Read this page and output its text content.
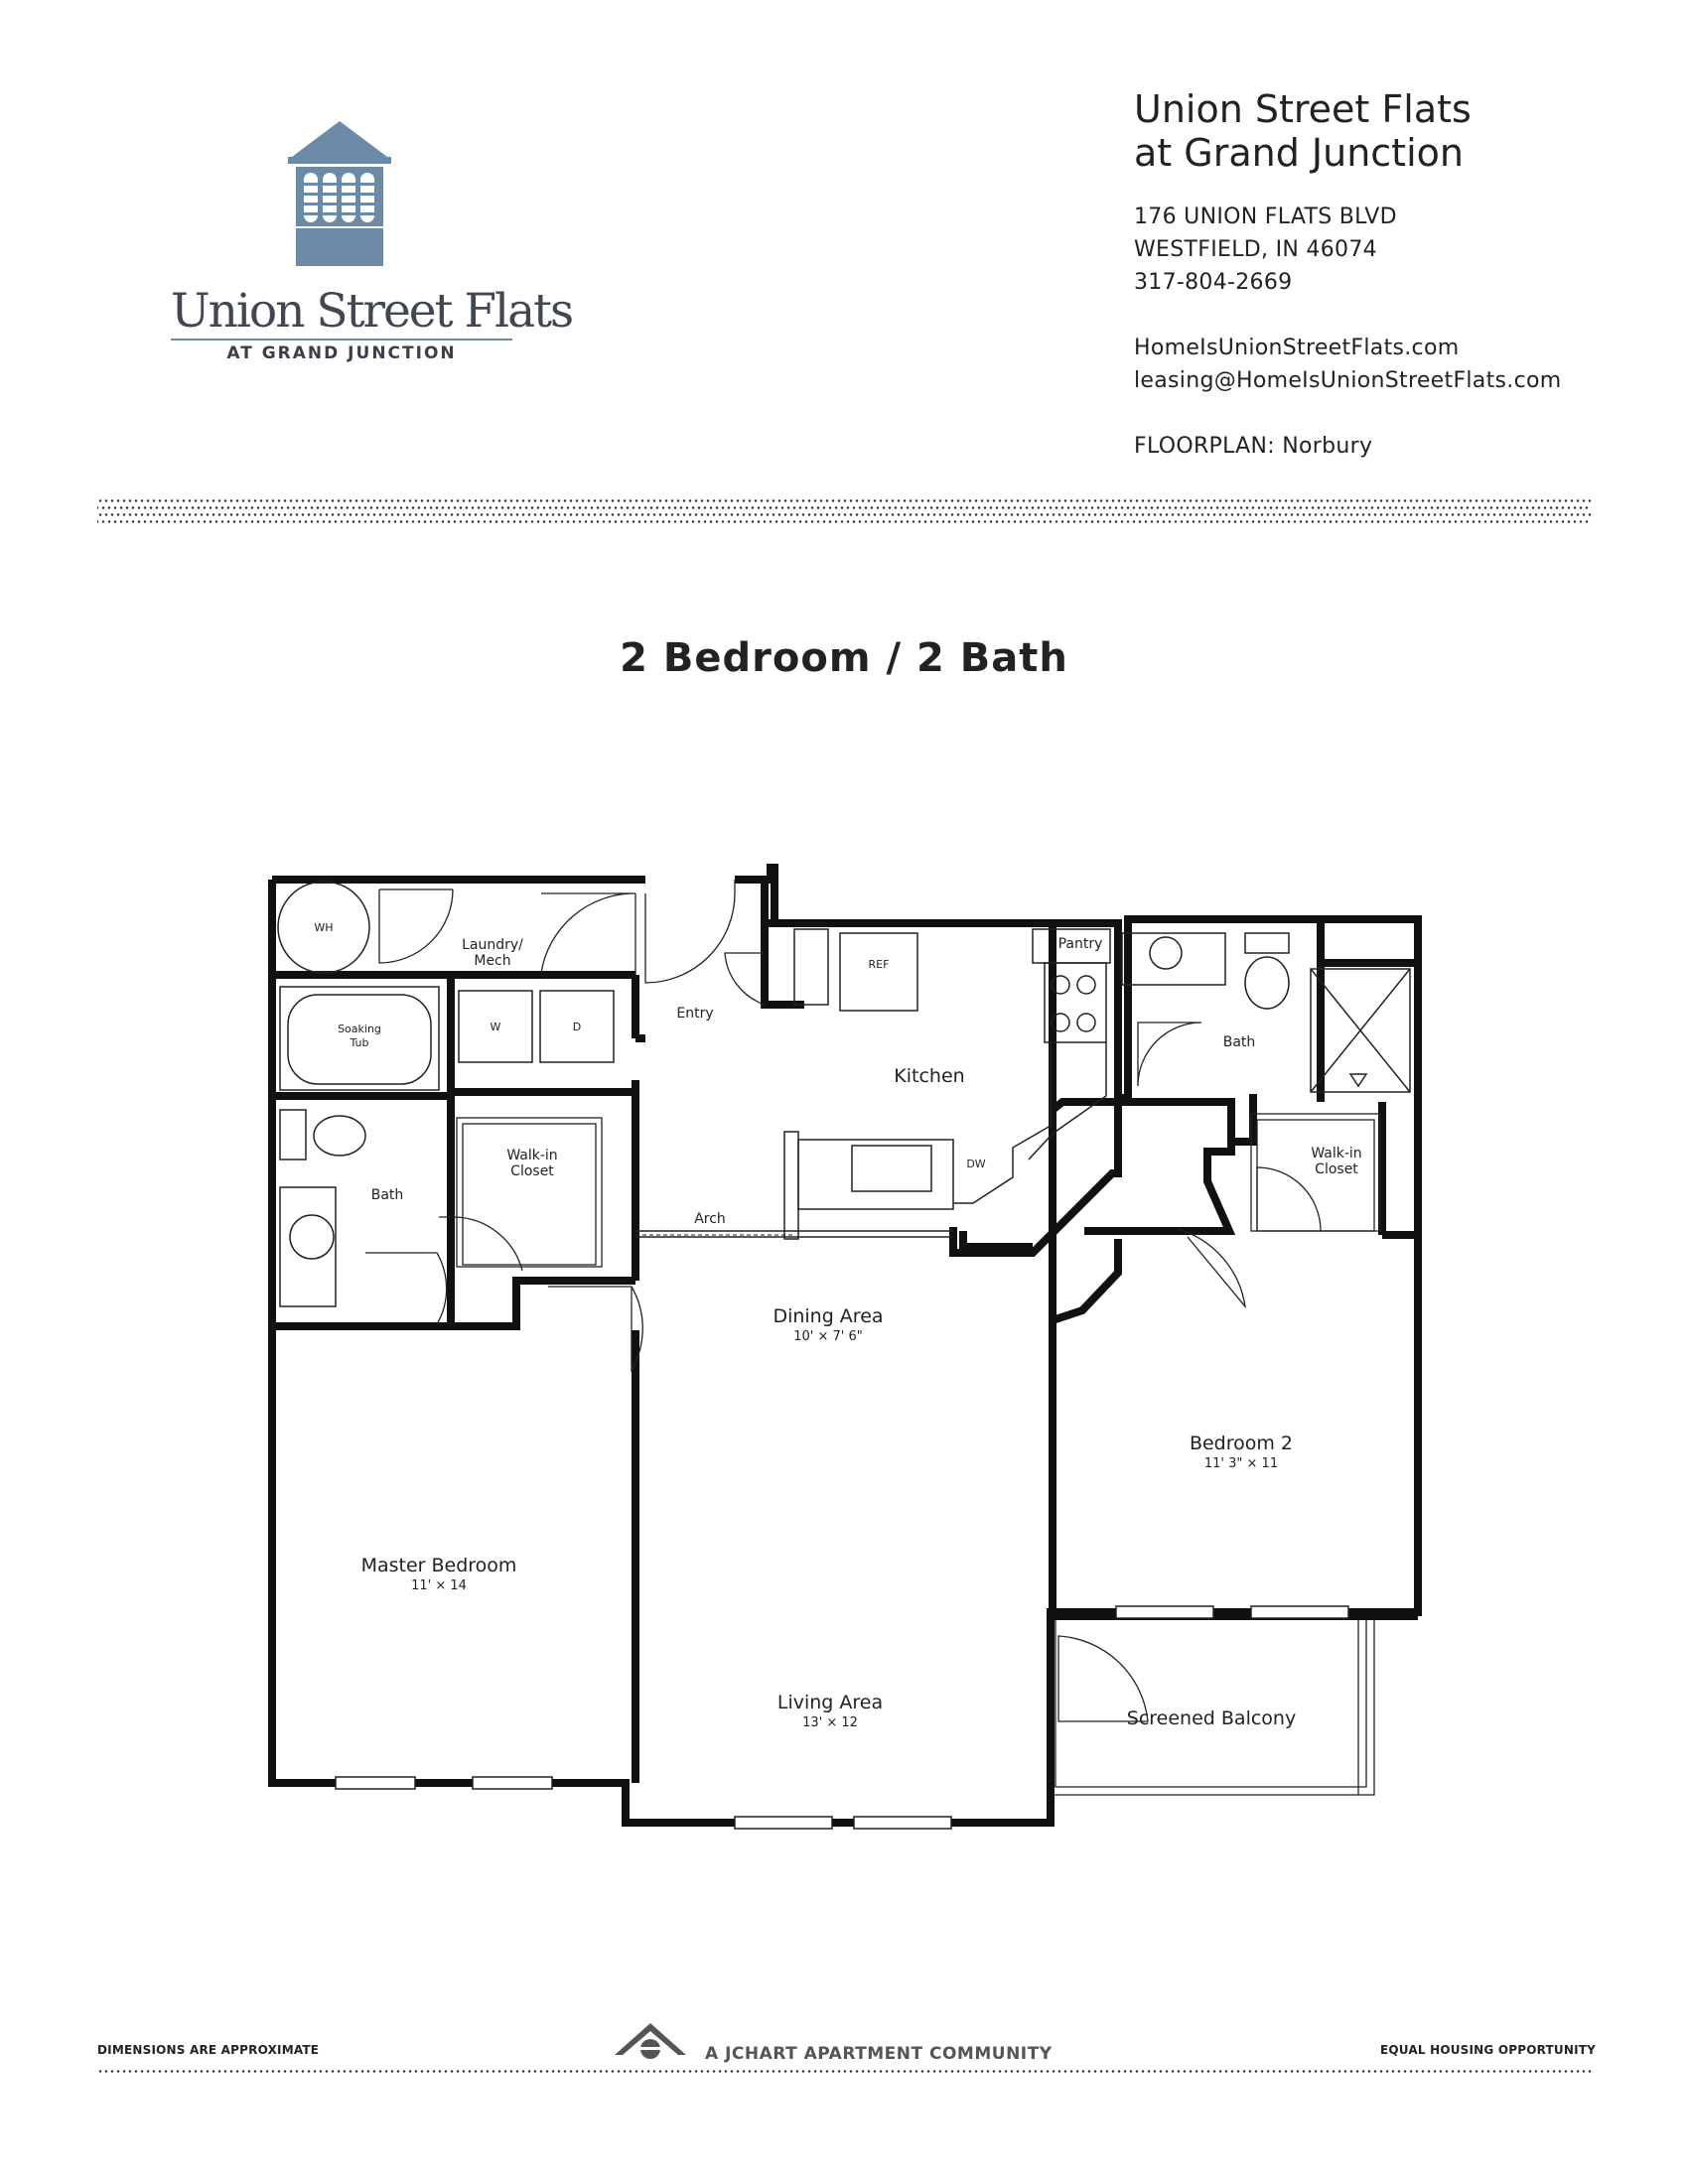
Union Street Flats
AT GRAND JUNCTION
Union Street Flats
at Grand Junction
176 UNION FLATS BLVD
WESTFIELD, IN 46074
317-804-2669
HomeIsUnionStreetFlats.com
leasing@HomeIsUnionStreetFlats.com
FLOORPLAN: Norbury
2 Bedroom / 2 Bath
WH
Laundry/
Mech
W	D
Soaking
Tub
Bath
Walk-in
Closet
Entry
REF
Pantry
Kitchen
DW
Bath
Walk-in
Closet
Arch
Dining Area
10' × 7' 6"
Bedroom 2
11' 3" × 11
Master Bedroom
11' × 14
Living Area
13' × 12	Screened Balcony
DIMENSIONS ARE APPROXIMATE	A JCHART APARTMENT COMMUNITY	EQUAL HOUSING OPPORTUNITY
